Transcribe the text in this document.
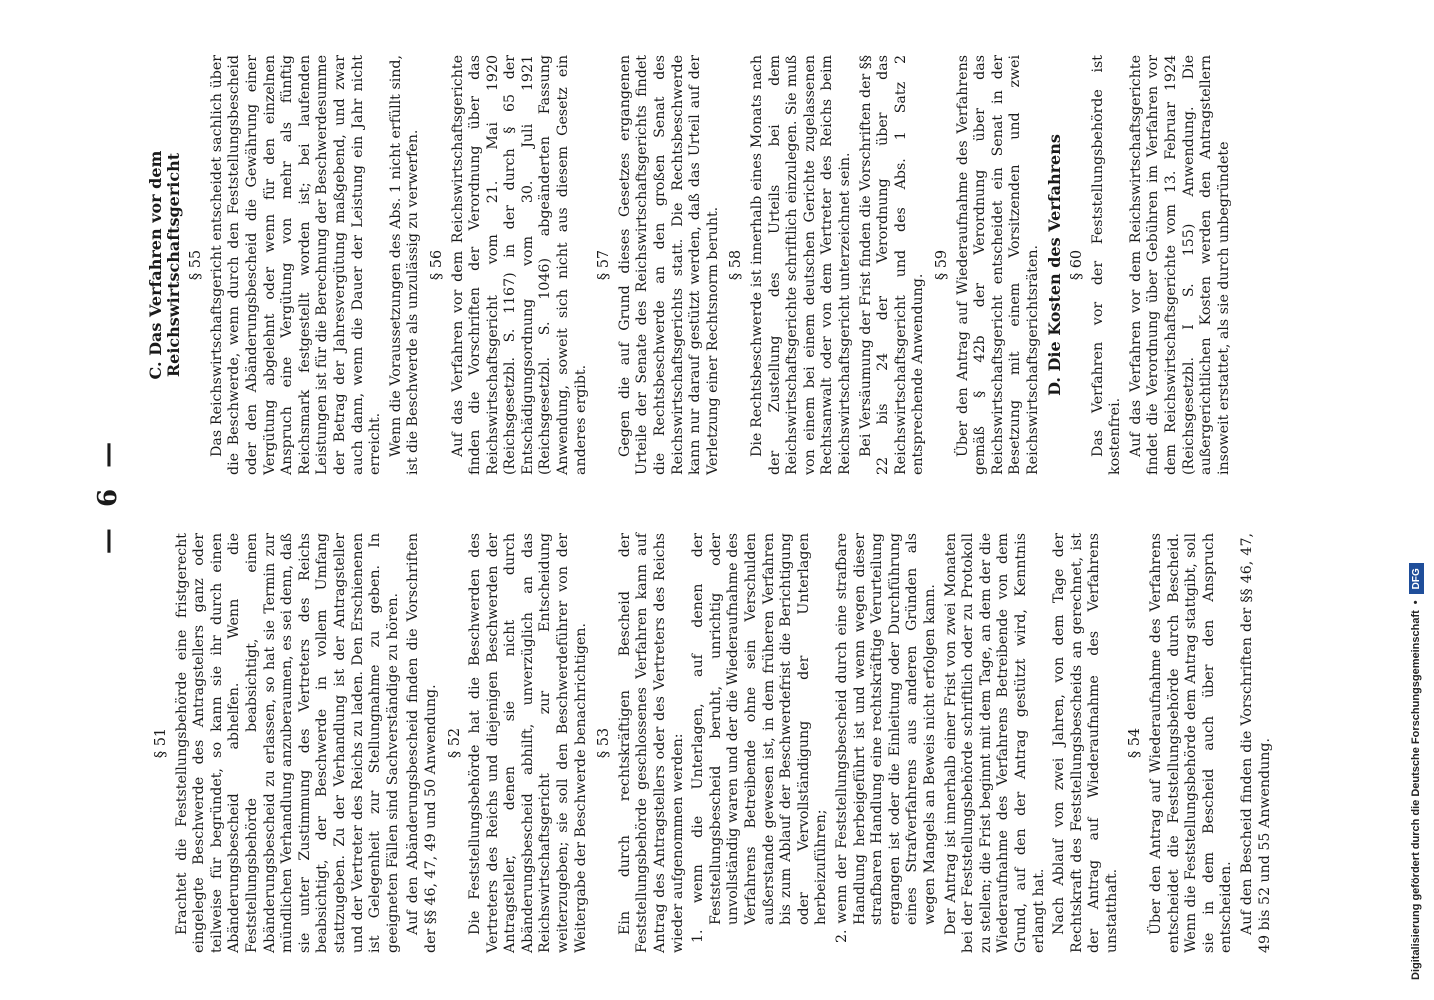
— 6 —
§ 51 Erachtet die Feststellungsbehörde eine fristgerecht eingelegte Beschwerde des Antragstellers ganz oder teilweise für begründet, so kann sie ihr durch einen Abänderungsbescheid abhelfen. Wenn die Feststellungsbehörde beabsichtigt, einen Abänderungsbescheid zu erlassen, so hat sie Termin zur mündlichen Verhandlung anzuberaumen, es sei denn, daß sie unter Zustimmung des Vertreters des Reichs beabsichtigt, der Beschwerde in vollem Umfang stattzugeben. Zu der Verhandlung ist der Antragsteller und der Vertreter des Reichs zu laden. Den Erschienenen ist Gelegenheit zur Stellungnahme zu geben. In geeigneten Fällen sind Sachverständige zu hören. Auf den Abänderungsbescheid finden die Vorschriften der §§ 46, 47, 49 und 50 Anwendung. § 52 Die Feststellungsbehörde hat die Beschwerden des Vertreters des Reichs und diejenigen Beschwerden der Antragsteller, denen sie nicht durch Abänderungsbescheid abhilft, unverzüglich an das Reichswirtschaftsgericht zur Entscheidung weiterzugeben; sie soll den Beschwerdeführer von der Weitergabe der Beschwerde benachrichtigen. § 53 Ein durch rechtskräftigen Bescheid der Feststellungsbehörde geschlossenes Verfahren kann auf Antrag des Antragstellers oder des Vertreters des Reichs wieder aufgenommen werden: 1. wenn die Unterlagen, auf denen der Feststellungsbescheid beruht, unrichtig oder unvollständig waren und der die Wiederaufnahme des Verfahrens Betreibende ohne sein Verschulden außerstande gewesen ist, in dem früheren Verfahren bis zum Ablauf der Beschwerdefrist die Berichtigung oder Vervollständigung der Unterlagen herbeizuführen; 2. wenn der Feststellungsbescheid durch eine strafbare Handlung herbeigeführt ist und wenn wegen dieser strafbaren Handlung eine rechtskräftige Verurteilung ergangen ist oder die Einleitung oder Durchführung eines Strafverfahrens aus anderen Gründen als wegen Mangels an Beweis nicht erfolgen kann. Der Antrag ist innerhalb einer Frist von zwei Monaten bei der Feststellungsbehörde schriftlich oder zu Protokoll zu stellen; die Frist beginnt mit dem Tage, an dem der die Wiederaufnahme des Verfahrens Betreibende von dem Grund, auf den der Antrag gestützt wird, Kenntnis erlangt hat. Nach Ablauf von zwei Jahren, von dem Tage der Rechtskraft des Feststellungsbescheids an gerechnet, ist der Antrag auf Wiederaufnahme des Verfahrens unstatthaft.
§ 54 Über den Antrag auf Wiederaufnahme des Verfahrens entscheidet die Feststellungsbehörde durch Bescheid. Wenn die Feststellungsbehörde dem Antrag stattgibt, soll sie in dem Bescheid auch über den Anspruch entscheiden. Auf den Bescheid finden die Vorschriften der §§ 46, 47, 49 bis 52 und 55 Anwendung.
C. Das Verfahren vor dem Reichswirtschaftsgericht § 55 Das Reichswirtschaftsgericht entscheidet sachlich über die Beschwerde, wenn durch den Feststellungsbescheid oder den Abänderungsbescheid die Gewährung einer Vergütung abgelehnt oder wenn für den einzelnen Anspruch eine Vergütung von mehr als fünftig Reichsmark festgestellt worden ist; bei laufenden Leistungen ist für die Berechnung der Beschwerdesumme der Betrag der Jahresvergütung maßgebend, und zwar auch dann, wenn die Dauer der Leistung ein Jahr nicht erreicht. Wenn die Voraussetzungen des Abs. 1 nicht erfüllt sind, ist die Beschwerde als unzulässig zu verwerfen. § 56 Auf das Verfahren vor dem Reichswirtschaftsgerichte finden die Vorschriften der Verordnung über das Reichswirtschaftsgericht vom 21. Mai 1920 (Reichsgesetzbl. S. 1167) in der durch § 65 der Entschädigungsordnung vom 30. Juli 1921 (Reichsgesetzbl. S. 1046) abgeänderten Fassung Anwendung, soweit sich nicht aus diesem Gesetz ein anderes ergibt.
§ 57 Gegen die auf Grund dieses Gesetzes ergangenen Urteile der Senate des Reichswirtschaftsgerichts findet die Rechtsbeschwerde an den großen Senat des Reichswirtschaftsgerichts statt. Die Rechtsbeschwerde kann nur darauf gestützt werden, daß das Urteil auf der Verletzung einer Rechtsnorm beruht. § 58 Die Rechtsbeschwerde ist innerhalb eines Monats nach der Zustellung des Urteils bei dem Reichswirtschaftsgerichte schriftlich einzulegen. Sie muß von einem bei einem deutschen Gerichte zugelassenen Rechtsanwalt oder von dem Vertreter des Reichs beim Reichswirtschaftsgericht unterzeichnet sein. Bei Versäumung der Frist finden die Vorschriften der §§ 22 bis 24 der Verordnung über das Reichswirtschaftsgericht und des Abs. 1 Satz 2 entsprechende Anwendung.
§ 59 Über den Antrag auf Wiederaufnahme des Verfahrens gemäß § 42b der Verordnung über das Reichswirtschaftsgericht entscheidet ein Senat in der Besetzung mit einem Vorsitzenden und zwei Reichswirtschaftsgerichtsräten. D. Die Kosten des Verfahrens § 60 Das Verfahren vor der Feststellungsbehörde ist kostenfrei. Auf das Verfahren vor dem Reichswirtschaftsgerichte findet die Verordnung über Gebühren im Verfahren vor dem Reichswirtschaftsgerichte vom 13. Februar 1924 (Reichsgesetzbl. I S. 155) Anwendung. Die außergerichtlichen Kosten werden den Antragstellern insoweit erstattet, als sie durch unbegründete
Digitalisierung gefördert durch die Deutsche Forschungsgemeinschaft
•
DFG
